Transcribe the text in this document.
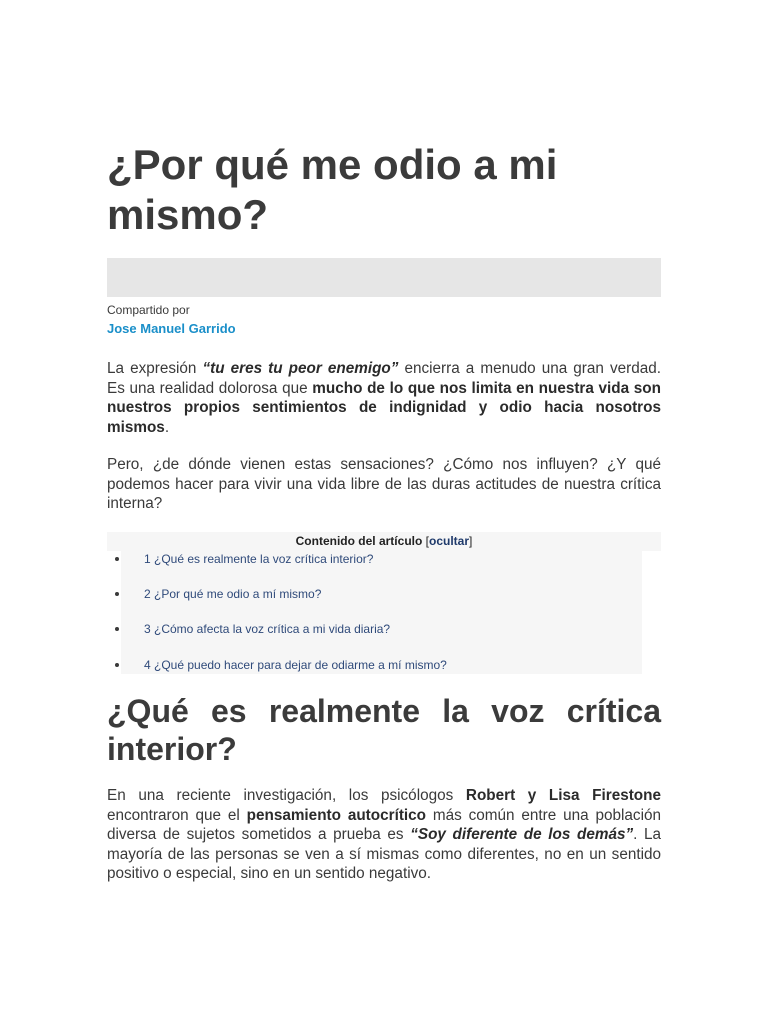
¿Por qué me odio a mi mismo?
Compartido por
Jose Manuel Garrido

La expresión “tu eres tu peor enemigo” encierra a menudo una gran verdad. Es una realidad dolorosa que mucho de lo que nos limita en nuestra vida son nuestros propios sentimientos de indignidad y odio hacia nosotros mismos.

Pero, ¿de dónde vienen estas sensaciones? ¿Cómo nos influyen? ¿Y qué podemos hacer para vivir una vida libre de las duras actitudes de nuestra crítica interna?

Contenido del artículo [ocultar]
1 ¿Qué es realmente la voz crítica interior?
2 ¿Por qué me odio a mí mismo?
3 ¿Cómo afecta la voz crítica a mi vida diaria?
4 ¿Qué puedo hacer para dejar de odiarme a mí mismo?
¿Qué es realmente la voz crítica interior?

En una reciente investigación, los psicólogos Robert y Lisa Firestone encontraron que el pensamiento autocrítico más común entre una población diversa de sujetos sometidos a prueba es “Soy diferente de los demás”. La mayoría de las personas se ven a sí mismas como diferentes, no en un sentido positivo o especial, sino en un sentido negativo.
